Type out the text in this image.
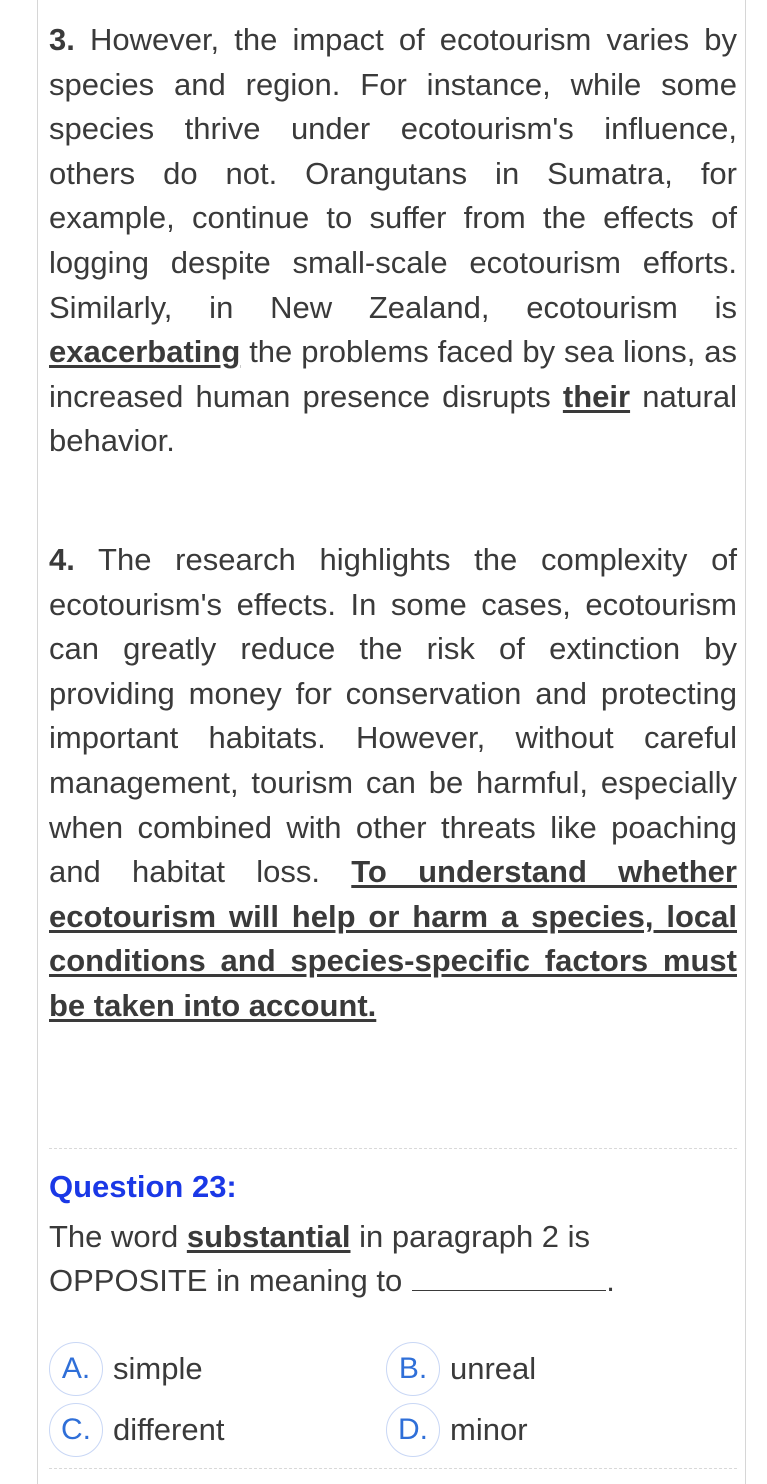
3. However, the impact of ecotourism varies by species and region. For instance, while some species thrive under ecotourism's influence, others do not. Orangutans in Sumatra, for example, continue to suffer from the effects of logging despite small-scale ecotourism efforts. Similarly, in New Zealand, ecotourism is exacerbating the problems faced by sea lions, as increased human presence disrupts their natural behavior.

4. The research highlights the complexity of ecotourism's effects. In some cases, ecotourism can greatly reduce the risk of extinction by providing money for conservation and protecting important habitats. However, without careful management, tourism can be harmful, especially when combined with other threats like poaching and habitat loss. To understand whether ecotourism will help or harm a species, local conditions and species-specific factors must be taken into account.

Question 23:
The word substantial in paragraph 2 is OPPOSITE in meaning to	.
A. simple	B. unreal
C. different	D. minor
